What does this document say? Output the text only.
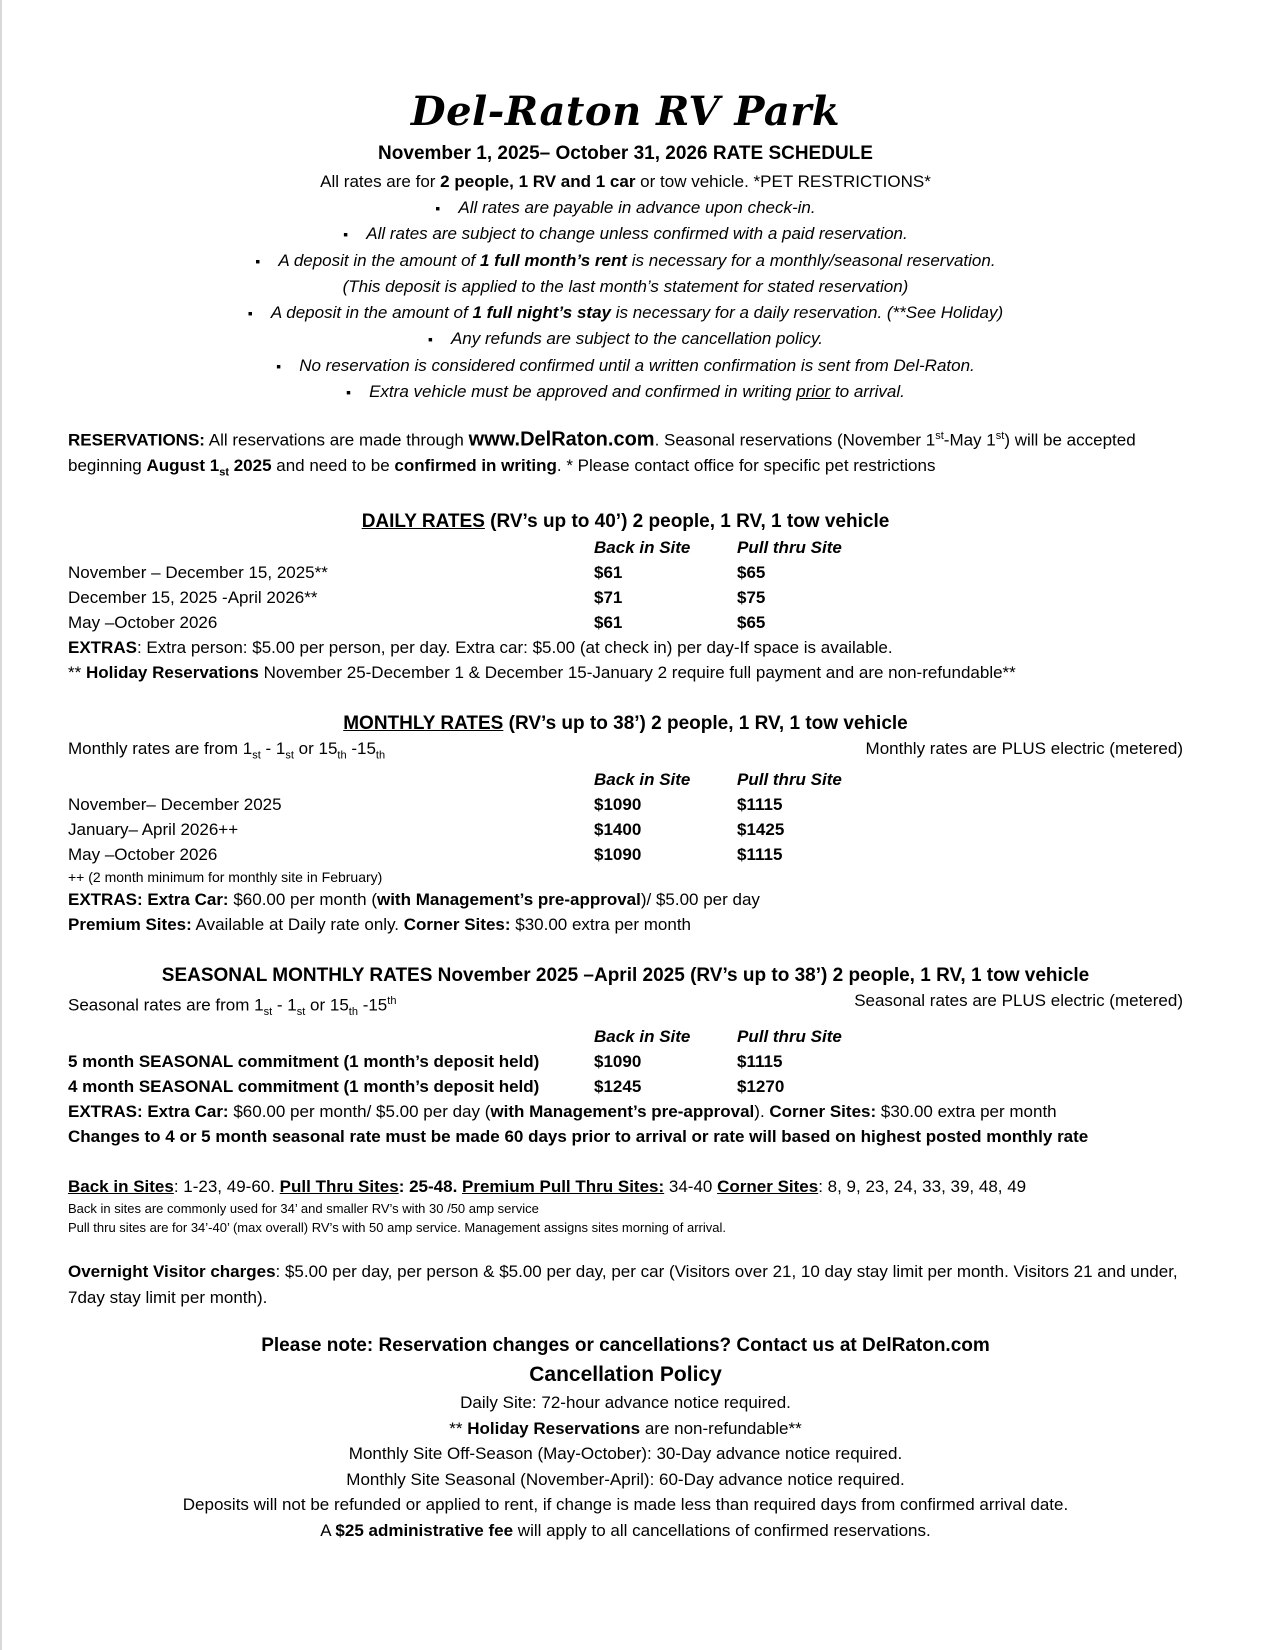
Del-Raton RV Park

November 1, 2025– October 31, 2026 RATE SCHEDULE

All rates are for 2 people, 1 RV and 1 car or tow vehicle. *PET RESTRICTIONS*

▪ All rates are payable in advance upon check-in.

▪ All rates are subject to change unless confirmed with a paid reservation.

▪ A deposit in the amount of 1 full month’s rent is necessary for a monthly/seasonal reservation.

(This deposit is applied to the last month’s statement for stated reservation)

▪ A deposit in the amount of 1 full night’s stay is necessary for a daily reservation. (**See Holiday)

▪ Any refunds are subject to the cancellation policy.

▪ No reservation is considered confirmed until a written confirmation is sent from Del-Raton.

▪ Extra vehicle must be approved and confirmed in writing prior to arrival.

RESERVATIONS: All reservations are made through www.DelRaton.com. Seasonal reservations (November 1st-May 1st) will be accepted beginning August $1_{st}$ 2025 and need to be confirmed in writing. * Please contact office for specific pet restrictions

DAILY RATES (RV’s up to 40’) 2 people, 1 RV, 1 tow vehicle

Back in Site	Pull thru Site
November – December 15, 2025**	$61	$65
December 15, 2025 -April 2026**	$71	$75
May –October 2026	$61	$65

EXTRAS: Extra person: $5.00 per person, per day. Extra car: $5.00 (at check in) per day-If space is available.

** Holiday Reservations November 25-December 1 & December 15-January 2 require full payment and are non-refundable**

MONTHLY RATES (RV’s up to 38’) 2 people, 1 RV, 1 tow vehicle

Monthly rates are from $1_{st} - 1_{st}$ or $15_{th}$ $-15_{th}$	Monthly rates are PLUS electric (metered)
Back in Site	Pull thru Site
November– December 2025	$1090	$1115
January– April 2026++	$1400	$1425
May –October 2026	$1090	$1115

++ (2 month minimum for monthly site in February)

EXTRAS: Extra Car: $60.00 per month (with Management’s pre-approval)/ $5.00 per day

Premium Sites: Available at Daily rate only. Corner Sites: $30.00 extra per month

SEASONAL MONTHLY RATES November 2025 –April 2025 (RV’s up to 38’) 2 people, 1 RV, 1 tow vehicle

Seasonal rates are from $1_{st} - 1_{st}$ or $15_{th}$ -15th	Seasonal rates are PLUS electric (metered)
Back in Site	Pull thru Site
5 month SEASONAL commitment (1 month’s deposit held)	$1090	$1115
4 month SEASONAL commitment (1 month’s deposit held)	$1245	$1270

EXTRAS: Extra Car: $60.00 per month/ $5.00 per day (with Management’s pre-approval). Corner Sites: $30.00 extra per month

Changes to 4 or 5 month seasonal rate must be made 60 days prior to arrival or rate will based on highest posted monthly rate

Back in Sites: 1-23, 49-60. Pull Thru Sites: 25-48. Premium Pull Thru Sites: 34-40 Corner Sites: 8, 9, 23, 24, 33, 39, 48, 49

Back in sites are commonly used for 34’ and smaller RV’s with 30 /50 amp service

Pull thru sites are for 34’-40’ (max overall) RV’s with 50 amp service. Management assigns sites morning of arrival.

Overnight Visitor charges: $5.00 per day, per person & $5.00 per day, per car (Visitors over 21, 10 day stay limit per month. Visitors 21 and under, 7day stay limit per month).

Please note: Reservation changes or cancellations? Contact us at DelRaton.com

Cancellation Policy

Daily Site: 72-hour advance notice required.

** Holiday Reservations are non-refundable**

Monthly Site Off-Season (May-October): 30-Day advance notice required.

Monthly Site Seasonal (November-April): 60-Day advance notice required.

Deposits will not be refunded or applied to rent, if change is made less than required days from confirmed arrival date.

A $25 administrative fee will apply to all cancellations of confirmed reservations.
